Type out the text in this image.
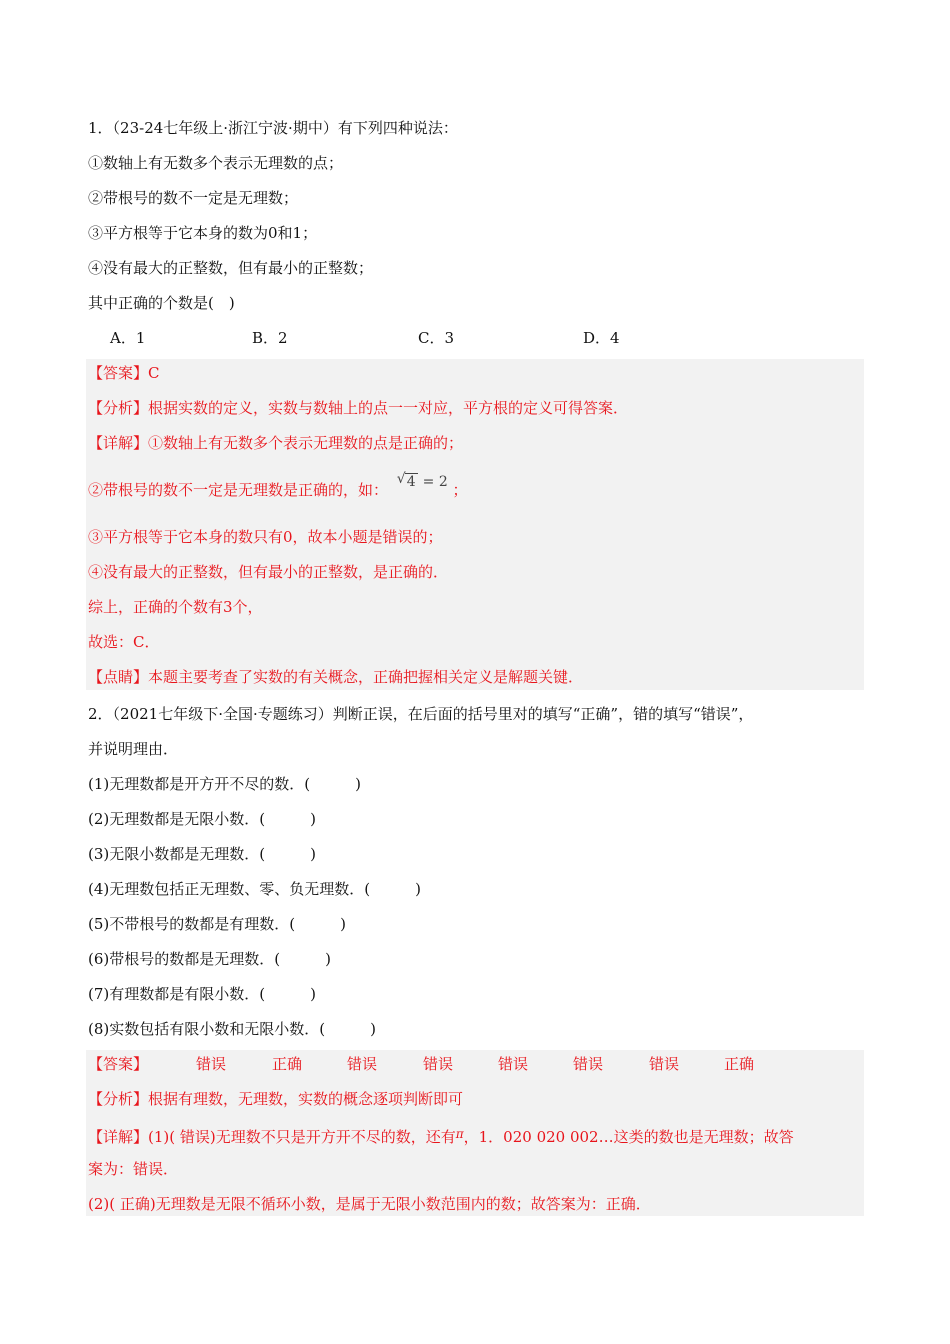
1．（23-24七年级上·浙江宁波·期中）有下列四种说法：
①数轴上有无数多个表示无理数的点；
②带根号的数不一定是无理数；
③平方根等于它本身的数为0和1；
④没有最大的正整数，但有最小的正整数；
其中正确的个数是(　)
A．1	B．2	C．3	D．4
【答案】C
【分析】根据实数的定义，实数与数轴上的点一一对应，平方根的定义可得答案．
【详解】①数轴上有无数多个表示无理数的点是正确的；
②带根号的数不一定是无理数是正确的，如：
√ 4 = 2 ；
③平方根等于它本身的数只有0，故本小题是错误的；
④没有最大的正整数，但有最小的正整数，是正确的．
综上，正确的个数有3个，
故选：C．
【点睛】本题主要考查了实数的有关概念，正确把握相关定义是解题关键．
2．（2021七年级下·全国·专题练习）判断正误，在后面的括号里对的填写“正确”，错的填写“错误”，
并说明理由．
(1)无理数都是开方开不尽的数．(　　　)
(2)无理数都是无限小数．(　　　)
(3)无限小数都是无理数．(　　　)
(4)无理数包括正无理数、零、负无理数．(　　　)
(5)不带根号的数都是有理数．(　　　)
(6)带根号的数都是无理数．(　　　)
(7)有理数都是有限小数．(　　　)
(8)实数包括有限小数和无限小数．(　　　)
【答案】	错误	正确	错误	错误	错误	错误	错误	正确
【分析】根据有理数，无理数，实数的概念逐项判断即可
【详解】(1)( 错误)无理数不只是开方开不尽的数，还有$^\pi$，1．020 020 002…这类的数也是无理数；故答
案为：错误．
(2)( 正确)无理数是无限不循环小数，是属于无限小数范围内的数；故答案为：正确．
